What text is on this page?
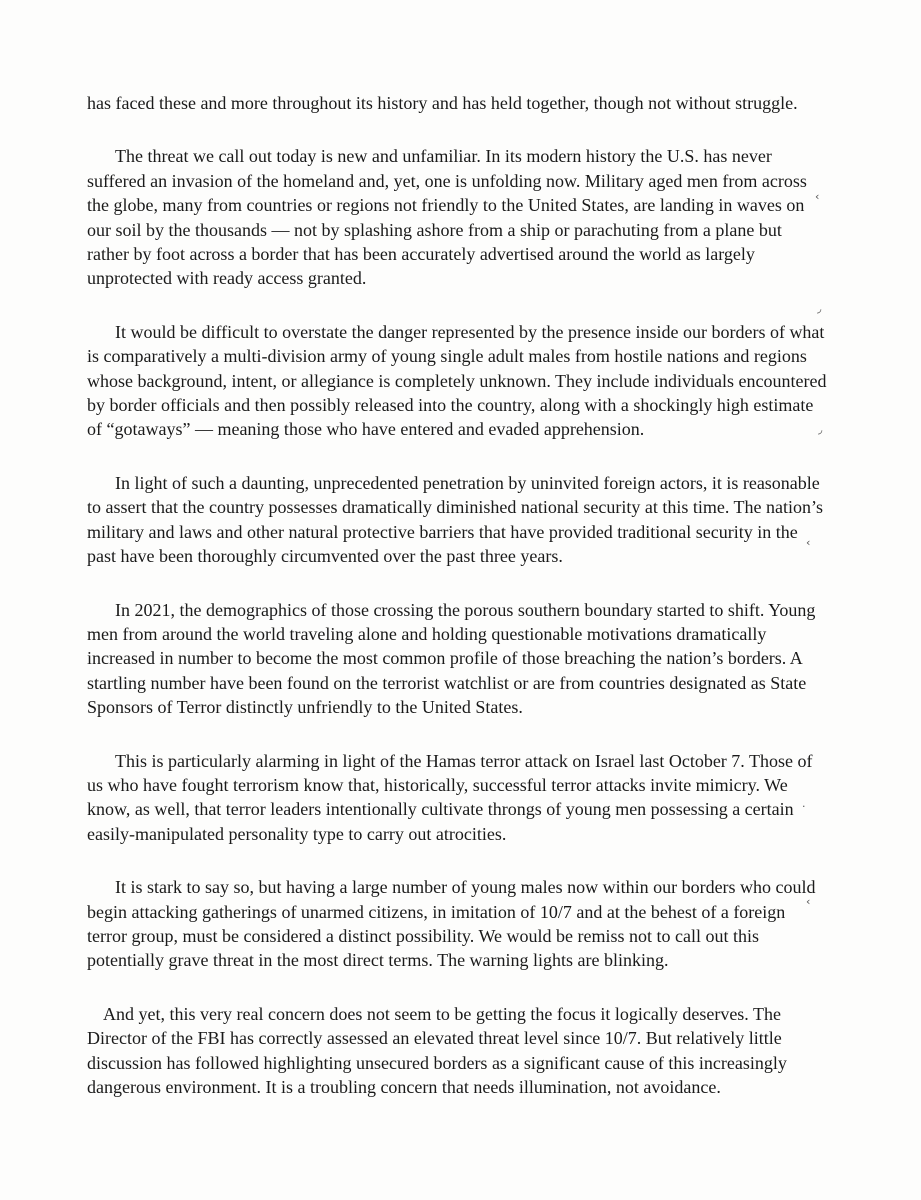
has faced these and more throughout its history and has held together, though not without struggle.

The threat we call out today is new and unfamiliar. In its modern history the U.S. has never suffered an invasion of the homeland and, yet, one is unfolding now. Military aged men from across the globe, many from countries or regions not friendly to the United States, are landing in waves on our soil by the thousands — not by splashing ashore from a ship or parachuting from a plane but rather by foot across a border that has been accurately advertised around the world as largely unprotected with ready access granted.

It would be difficult to overstate the danger represented by the presence inside our borders of what is comparatively a multi-division army of young single adult males from hostile nations and regions whose background, intent, or allegiance is completely unknown. They include individuals encountered by border officials and then possibly released into the country, along with a shockingly high estimate of “gotaways” — meaning those who have entered and evaded apprehension.

In light of such a daunting, unprecedented penetration by uninvited foreign actors, it is reasonable to assert that the country possesses dramatically diminished national security at this time. The nation’s military and laws and other natural protective barriers that have provided traditional security in the past have been thoroughly circumvented over the past three years.

In 2021, the demographics of those crossing the porous southern boundary started to shift. Young men from around the world traveling alone and holding questionable motivations dramatically increased in number to become the most common profile of those breaching the nation’s borders. A startling number have been found on the terrorist watchlist or are from countries designated as State Sponsors of Terror distinctly unfriendly to the United States.

This is particularly alarming in light of the Hamas terror attack on Israel last October 7. Those of us who have fought terrorism know that, historically, successful terror attacks invite mimicry. We know, as well, that terror leaders intentionally cultivate throngs of young men possessing a certain easily-manipulated personality type to carry out atrocities.

It is stark to say so, but having a large number of young males now within our borders who could begin attacking gatherings of unarmed citizens, in imitation of 10/7 and at the behest of a foreign terror group, must be considered a distinct possibility. We would be remiss not to call out this potentially grave threat in the most direct terms. The warning lights are blinking.

And yet, this very real concern does not seem to be getting the focus it logically deserves. The Director of the FBI has correctly assessed an elevated threat level since 10/7. But relatively little discussion has followed highlighting unsecured borders as a significant cause of this increasingly dangerous environment. It is a troubling concern that needs illumination, not avoidance.

‹
◞
◞
‹
·
‹
